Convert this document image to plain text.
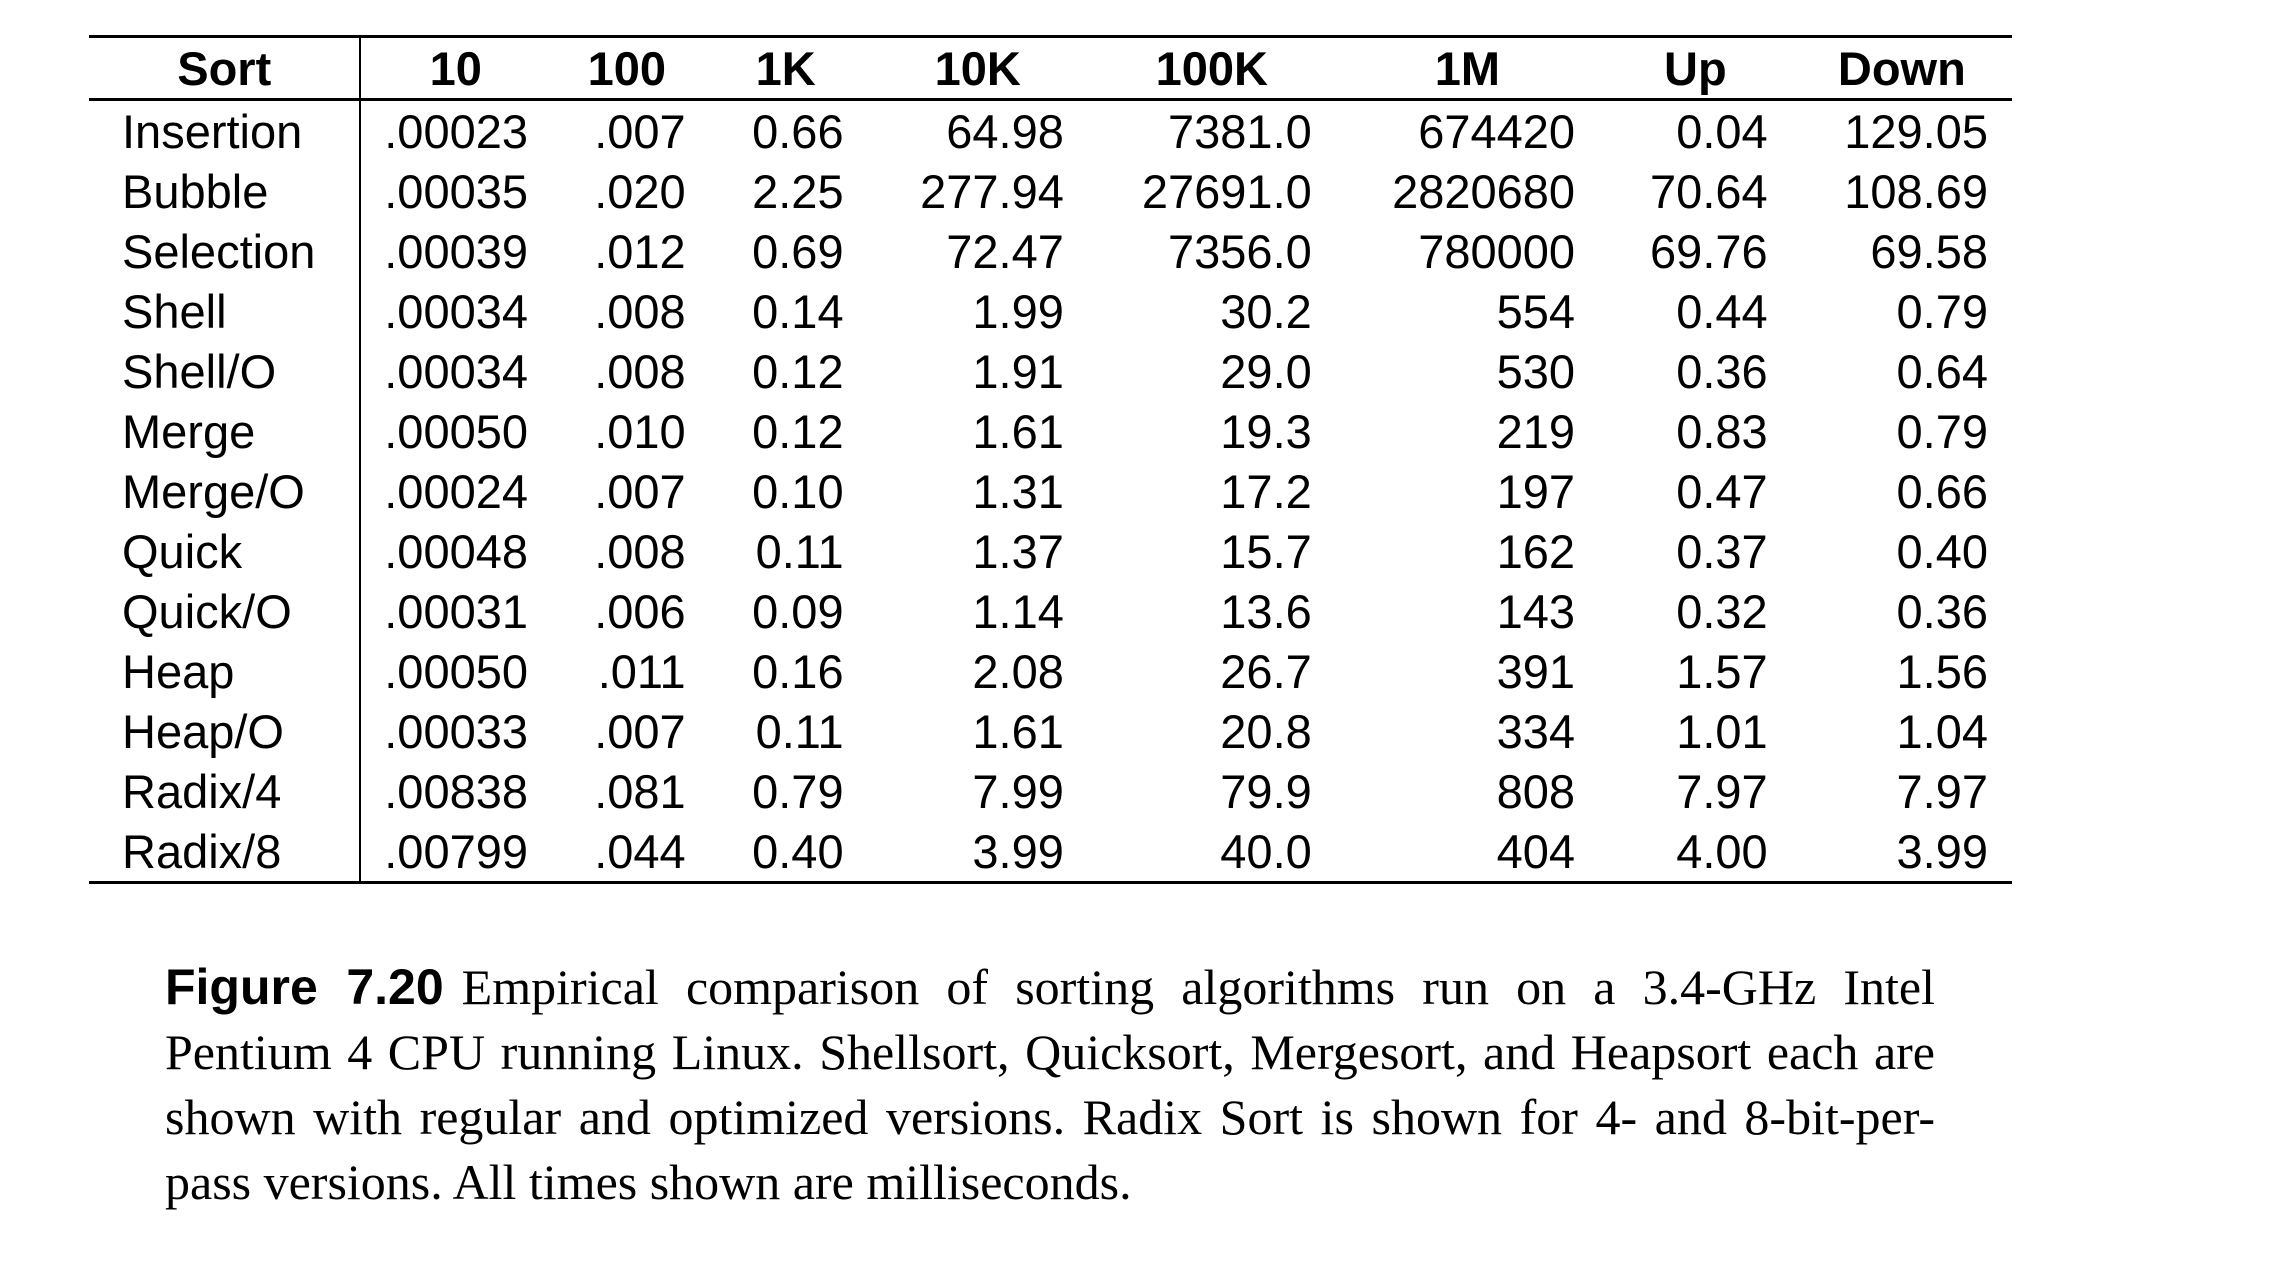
Sort	10	100	1K	10K	100K	1M	Up	Down
Insertion	.00023	.007	0.66	64.98	7381.0	674420	0.04	129.05
Bubble	.00035	.020	2.25	277.94	27691.0	2820680	70.64	108.69
Selection	.00039	.012	0.69	72.47	7356.0	780000	69.76	69.58
Shell	.00034	.008	0.14	1.99	30.2	554	0.44	0.79
Shell/O	.00034	.008	0.12	1.91	29.0	530	0.36	0.64
Merge	.00050	.010	0.12	1.61	19.3	219	0.83	0.79
Merge/O	.00024	.007	0.10	1.31	17.2	197	0.47	0.66
Quick	.00048	.008	0.11	1.37	15.7	162	0.37	0.40
Quick/O	.00031	.006	0.09	1.14	13.6	143	0.32	0.36
Heap	.00050	.011	0.16	2.08	26.7	391	1.57	1.56
Heap/O	.00033	.007	0.11	1.61	20.8	334	1.01	1.04
Radix/4	.00838	.081	0.79	7.99	79.9	808	7.97	7.97
Radix/8	.00799	.044	0.40	3.99	40.0	404	4.00	3.99
Figure 7.20 Empirical comparison of sorting algorithms run on a 3.4-GHz Intel Pentium 4 CPU running Linux. Shellsort, Quicksort, Mergesort, and Heapsort each are shown with regular and optimized versions. Radix Sort is shown for 4- and 8-bit-per-pass versions. All times shown are milliseconds.
